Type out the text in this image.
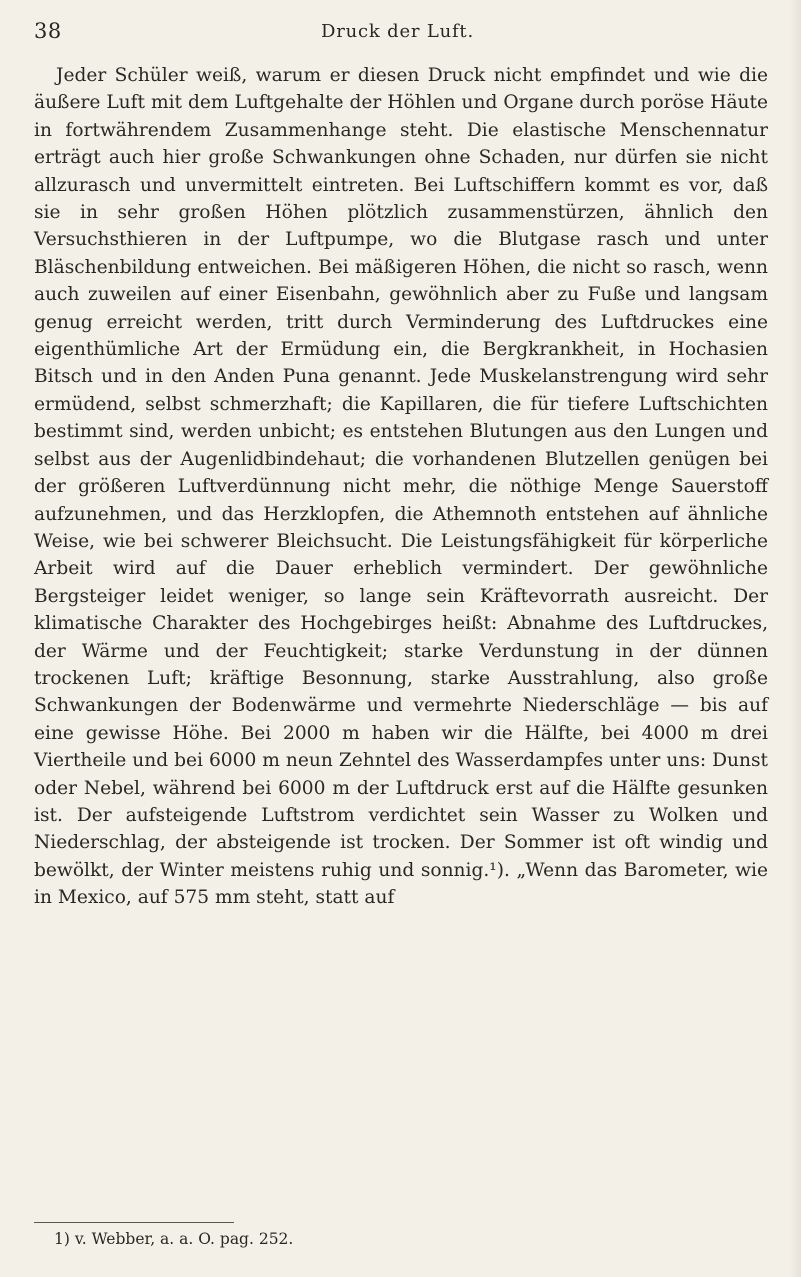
38	Druck der Luft.

Jeder Schüler weiß, warum er diesen Druck nicht empfindet und wie die äußere Luft mit dem Luftgehalte der Höhlen und Organe durch poröse Häute in fortwährendem Zusammenhange steht. Die elastische Menschennatur erträgt auch hier große Schwankungen ohne Schaden, nur dürfen sie nicht allzurasch und unvermittelt eintreten. Bei Luftschiffern kommt es vor, daß sie in sehr großen Höhen plötzlich zusammenstürzen, ähnlich den Versuchsthieren in der Luftpumpe, wo die Blutgase rasch und unter Bläschenbildung entweichen. Bei mäßigeren Höhen, die nicht so rasch, wenn auch zuweilen auf einer Eisenbahn, gewöhnlich aber zu Fuße und langsam genug erreicht werden, tritt durch Verminderung des Luftdruckes eine eigenthümliche Art der Ermüdung ein, die Bergkrankheit, in Hochasien Bitsch und in den Anden Puna genannt. Jede Muskelanstrengung wird sehr ermüdend, selbst schmerzhaft; die Kapillaren, die für tiefere Luftschichten bestimmt sind, werden unbicht; es entstehen Blutungen aus den Lungen und selbst aus der Augenlidbindehaut; die vorhandenen Blutzellen genügen bei der größeren Luftverdünnung nicht mehr, die nöthige Menge Sauerstoff aufzunehmen, und das Herzklopfen, die Athemnoth entstehen auf ähnliche Weise, wie bei schwerer Bleichsucht. Die Leistungsfähigkeit für körperliche Arbeit wird auf die Dauer erheblich vermindert. Der gewöhnliche Bergsteiger leidet weniger, so lange sein Kräftevorrath ausreicht. Der klimatische Charakter des Hochgebirges heißt: Abnahme des Luftdruckes, der Wärme und der Feuchtigkeit; starke Verdunstung in der dünnen trockenen Luft; kräftige Besonnung, starke Ausstrahlung, also große Schwankungen der Bodenwärme und vermehrte Niederschläge — bis auf eine gewisse Höhe. Bei 2000 m haben wir die Hälfte, bei 4000 m drei Viertheile und bei 6000 m neun Zehntel des Wasserdampfes unter uns: Dunst oder Nebel, während bei 6000 m der Luftdruck erst auf die Hälfte gesunken ist. Der aufsteigende Luftstrom verdichtet sein Wasser zu Wolken und Niederschlag, der absteigende ist trocken. Der Sommer ist oft windig und bewölkt, der Winter meistens ruhig und sonnig.¹). „Wenn das Barometer, wie in Mexico, auf 575 mm steht, statt auf

1) v. Webber, a. a. O. pag. 252.
